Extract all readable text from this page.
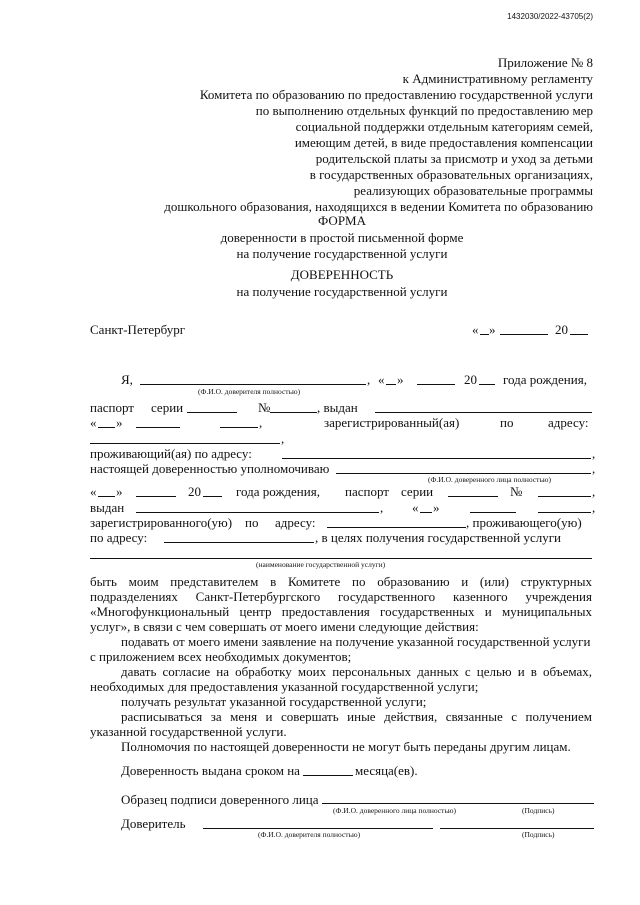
1432030/2022-43705(2)
Приложение № 8
к Административному регламенту
Комитета по образованию по предоставлению государственной услуги
по выполнению отдельных функций по предоставлению мер
социальной поддержки отдельным категориям семей,
имеющим детей, в виде предоставления компенсации
родительской платы за присмотр и уход за детьми
в государственных образовательных организациях,
реализующих образовательные программы
дошкольного образования, находящихся в ведении Комитета по образованию
ФОРМА
доверенности в простой письменной форме
на получение государственной услуги
ДОВЕРЕННОСТЬ
на получение государственной услуги
Санкт-Петербург	« »	20
Я,	, « »	20 года рождения,
(Ф.И.О. доверителя полностью)
паспорт серии	№	, выдан
« »	,	зарегистрированный(ая)	по	адресу:
,
проживающий(ая) по адресу:	,
настоящей доверенностью уполномочиваю	,
(Ф.И.О. доверенного лица полностью)
« »	20	года рождения, паспорт серии	№	,
выдан	, « »	,
зарегистрированного(ую) по адресу:	, проживающего(ую)
по адресу:	, в целях получения государственной услуги
(наименование государственной услуги)
быть моим представителем в Комитете по образованию и (или) структурных
подразделениях Санкт-Петербургского государственного казенного учреждения
«Многофункциональный центр предоставления государственных и муниципальных
услуг», в связи с чем совершать от моего имени следующие действия:
подавать от моего имени заявление на получение указанной государственной услуги
с приложением всех необходимых документов;
давать согласие на обработку моих персональных данных с целью и в объемах,
необходимых для предоставления указанной государственной услуги;
получать результат указанной государственной услуги;
расписываться за меня и совершать иные действия, связанные с получением
указанной государственной услуги.
Полномочия по настоящей доверенности не могут быть переданы другим лицам.
Доверенность выдана сроком на	месяца(ев).
Образец подписи доверенного лица
(Ф.И.О. доверенного лица полностью)	(Подпись)
Доверитель
(Ф.И.О. доверителя полностью)	(Подпись)
